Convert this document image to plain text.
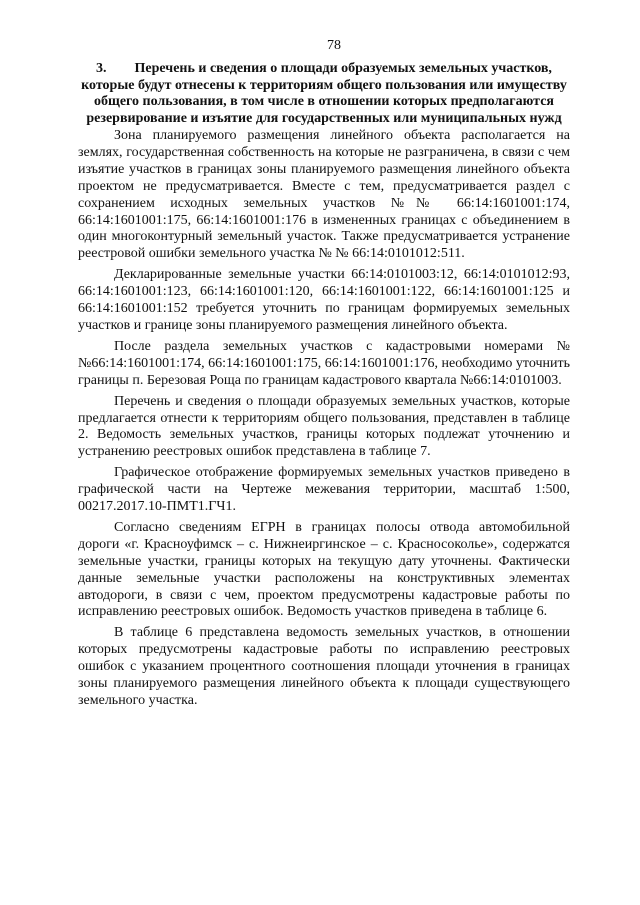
78
3. Перечень и сведения о площади образуемых земельных участков, которые будут отнесены к территориям общего пользования или имуществу общего пользования, в том числе в отношении которых предполагаются резервирование и изъятие для государственных или муниципальных нужд

Зона планируемого размещения линейного объекта располагается на землях, государственная собственность на которые не разграничена, в связи с чем изъятие участков в границах зоны планируемого размещения линейного объекта проектом не предусматривается. Вместе с тем, предусматривается раздел с сохранением исходных земельных участков №№ 66:14:1601001:174, 66:14:1601001:175, 66:14:1601001:176 в измененных границах с объединением в один многоконтурный земельный участок. Также предусматривается устранение реестровой ошибки земельного участка № № 66:14:0101012:511.

Декларированные земельные участки 66:14:0101003:12, 66:14:0101012:93, 66:14:1601001:123, 66:14:1601001:120, 66:14:1601001:122, 66:14:1601001:125 и 66:14:1601001:152 требуется уточнить по границам формируемых земельных участков и границе зоны планируемого размещения линейного объекта.

После раздела земельных участков с кадастровыми номерами №№66:14:1601001:174, 66:14:1601001:175, 66:14:1601001:176, необходимо уточнить границы п. Березовая Роща по границам кадастрового квартала №66:14:0101003.

Перечень и сведения о площади образуемых земельных участков, которые предлагается отнести к территориям общего пользования, представлен в таблице 2. Ведомость земельных участков, границы которых подлежат уточнению и устранению реестровых ошибок представлена в таблице 7.

Графическое отображение формируемых земельных участков приведено в графической части на Чертеже межевания территории, масштаб 1:500, 00217.2017.10-ПМТ1.ГЧ1.

Согласно сведениям ЕГРН в границах полосы отвода автомобильной дороги «г. Красноуфимск – с. Нижнеиргинское – с. Красносоколье», содержатся земельные участки, границы которых на текущую дату уточнены. Фактически данные земельные участки расположены на конструктивных элементах автодороги, в связи с чем, проектом предусмотрены кадастровые работы по исправлению реестровых ошибок. Ведомость участков приведена в таблице 6.

В таблице 6 представлена ведомость земельных участков, в отношении которых предусмотрены кадастровые работы по исправлению реестровых ошибок с указанием процентного соотношения площади уточнения в границах зоны планируемого размещения линейного объекта к площади существующего земельного участка.
